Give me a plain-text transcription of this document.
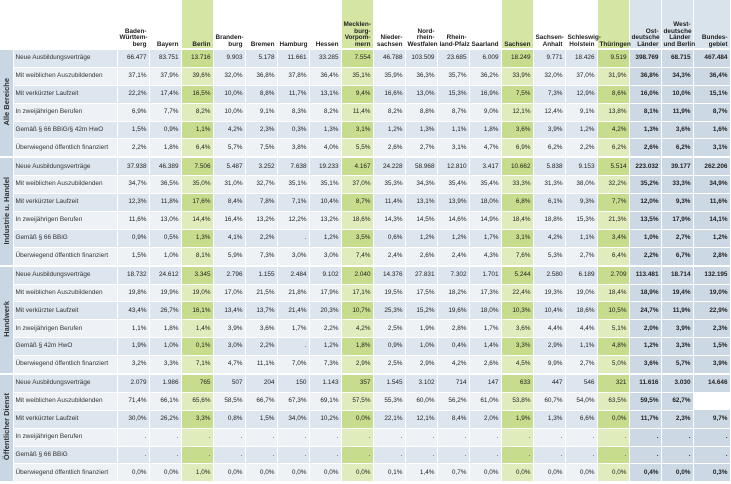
		Baden-
Württem-
berg	Bayern	Berlin	Branden-
burg	Bremen	Hamburg	Hessen	Mecklen-
burg-
Vorpom-
mern	Nieder-
sachsen	Nord-
rhein-
Westfalen	Rhein-
land-Pfalz	Saarland	Sachsen	Sachsen-
Anhalt	Schleswig-
Holstein	Thüringen	Ost-
deutsche
Länder	West-
deutsche
Länder
und Berlin	Bundes-
gebiet
Alle Bereiche	Neue Ausbildungsverträge	66.477	83.751	13.716	9.903	5.178	11.661	33.285	7.554	46.788	103.509	23.685	6.009	18.249	9.771	18.426	9.519	398.769	68.715	467.484
	Mit weiblichen Auszubildenden	37,1%	37,9%	39,6%	32,0%	36,8%	37,8%	36,4%	35,1%	35,9%	36,3%	35,7%	36,2%	33,9%	32,0%	37,0%	31,9%	36,8%	34,3%	36,4%
	Mit verkürzter Laufzeit	22,2%	17,4%	16,5%	10,0%	8,8%	11,7%	13,1%	9,4%	16,6%	13,0%	15,3%	16,9%	7,5%	7,3%	12,9%	8,6%	16,0%	10,0%	15,1%
	In zweijährigen Berufen	6,9%	7,7%	8,2%	10,0%	9,1%	8,3%	8,2%	11,4%	8,2%	8,8%	8,7%	9,0%	12,1%	12,4%	9,1%	13,8%	8,1%	11,9%	8,7%
	Gemäß § 66 BBiG/§ 42m HwO	1,5%	0,9%	1,1%	4,2%	2,3%	0,3%	1,3%	3,1%	1,2%	1,3%	1,1%	1,8%	3,6%	3,9%	1,2%	4,2%	1,3%	3,6%	1,6%
	Überwiegend öffentlich finanziert	2,2%	1,8%	6,4%	5,7%	7,5%	3,8%	4,0%	5,5%	2,6%	2,7%	3,1%	4,7%	6,9%	6,2%	2,2%	6,2%	2,6%	6,2%	3,1%
Industrie u. Handel	Neue Ausbildungsverträge	37.938	46.389	7.506	5.487	3.252	7.638	19.233	4.167	24.228	58.968	12.810	3.417	10.662	5.838	9.153	5.514	223.032	39.177	262.206
	Mit weiblichen Auszubildenden	34,7%	36,5%	35,0%	31,0%	32,7%	35,1%	35,1%	37,0%	35,3%	34,3%	35,4%	35,4%	33,3%	31,3%	38,0%	32,2%	35,2%	33,3%	34,9%
	Mit verkürzter Laufzeit	12,3%	11,8%	17,6%	8,4%	7,8%	7,1%	10,4%	8,7%	11,4%	13,1%	13,9%	18,0%	6,8%	6,1%	9,3%	7,7%	12,0%	9,3%	11,6%
	In zweijährigen Berufen	11,6%	13,0%	14,4%	16,4%	13,2%	12,2%	13,2%	18,6%	14,3%	14,5%	14,6%	14,9%	18,4%	18,8%	15,3%	21,3%	13,5%	17,9%	14,1%
	Gemäß § 66 BBiG	0,9%	0,5%	1,3%	4,1%	2,2%	.	1,2%	3,5%	0,6%	1,2%	1,2%	1,7%	3,1%	4,2%	1,1%	3,4%	1,0%	2,7%	1,2%
	Überwiegend öffentlich finanziert	1,5%	1,0%	8,1%	5,9%	7,3%	3,0%	3,0%	7,4%	2,4%	2,6%	2,4%	4,3%	7,6%	5,3%	2,7%	6,4%	2,2%	6,7%	2,8%
Handwerk	Neue Ausbildungsverträge	18.732	24.612	3.345	2.796	1.155	2.484	9.102	2.040	14.376	27.831	7.302	1.701	5.244	2.580	6.189	2.709	113.481	18.714	132.195
	Mit weiblichen Auszubildenden	19,8%	19,9%	19,0%	17,0%	21,5%	21,8%	17,9%	17,1%	19,5%	17,5%	18,2%	17,3%	22,4%	19,3%	19,0%	18,4%	18,9%	19,4%	19,0%
	Mit verkürzter Laufzeit	43,4%	26,7%	16,1%	13,4%	13,7%	21,4%	20,3%	10,7%	25,3%	15,2%	19,6%	18,0%	10,3%	10,4%	18,6%	10,5%	24,7%	11,9%	22,9%
	In zweijährigen Berufen	1,1%	1,8%	1,4%	3,9%	3,6%	1,7%	2,2%	4,2%	2,5%	1,9%	2,8%	1,7%	3,6%	4,4%	4,4%	5,1%	2,0%	3,9%	2,3%
	Gemäß § 42m HwO	1,9%	1,0%	0,1%	3,0%	2,2%	.	1,2%	1,8%	0,9%	1,0%	0,4%	1,4%	3,3%	2,9%	1,1%	4,8%	1,2%	3,3%	1,5%
	Überwiegend öffentlich finanziert	3,2%	3,3%	7,1%	4,7%	11,1%	7,0%	7,3%	2,9%	2,5%	2,9%	4,2%	2,6%	4,5%	9,9%	2,7%	5,0%	3,6%	5,7%	3,9%
Öffentlicher Dienst	Neue Ausbildungsverträge	2.079	1.986	765	507	204	150	1.143	357	1.545	3.102	714	147	633	447	546	321	11.616	3.030	14.646
	Mit weiblichen Auszubildenden	71,4%	66,1%	65,6%	58,5%	66,7%	67,3%	69,1%	57,5%	55,3%	60,0%	56,2%	61,0%	53,8%	60,7%	54,0%	63,5%	59,5%	62,7%	
	Mit verkürzter Laufzeit	30,0%	26,2%	3,3%	0,8%	1,5%	34,0%	10,2%	0,0%	22,1%	12,1%	8,4%	2,0%	1,9%	1,3%	6,6%	0,0%	11,7%	2,3%	9,7%
	In zweijährigen Berufen	.	.	.	.	.	.	.	.	.	.	.	.	.	.	.	.	.	.	.
	Gemäß § 66 BBiG	.	.	.	.	.	.	.	.	.	.	.	.	.	.	.	.	.	.	.
	Überwiegend öffentlich finanziert	0,0%	0,0%	1,0%	0,0%	0,0%	0,0%	0,0%	0,0%	0,1%	1,4%	0,7%	0,0%	0,0%	0,0%	0,0%	0,0%	0,4%	0,0%	0,3%
